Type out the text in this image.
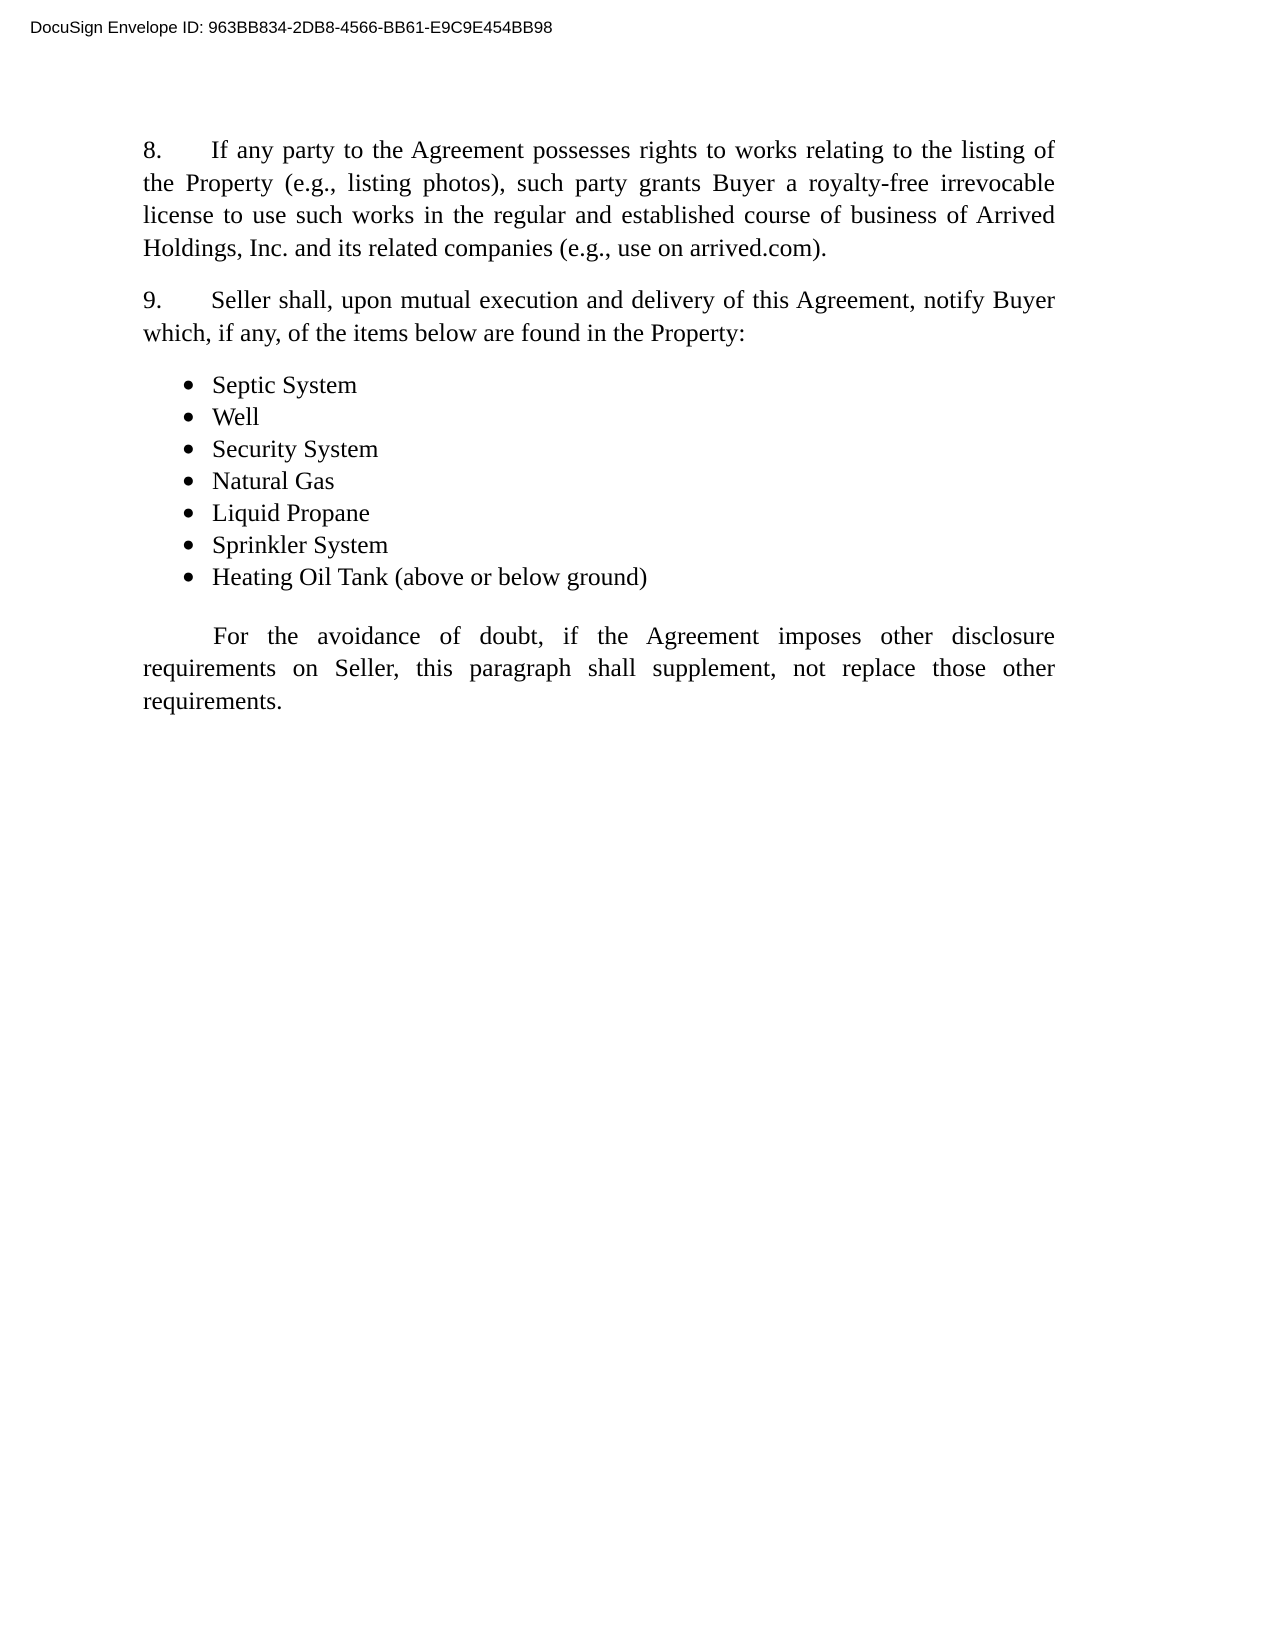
DocuSign Envelope ID: 963BB834-2DB8-4566-BB61-E9C9E454BB98

8. If any party to the Agreement possesses rights to works relating to the listing of the Property (e.g., listing photos), such party grants Buyer a royalty-free irrevocable license to use such works in the regular and established course of business of Arrived Holdings, Inc. and its related companies (e.g., use on arrived.com).

9. Seller shall, upon mutual execution and delivery of this Agreement, notify Buyer which, if any, of the items below are found in the Property:

● Septic System
● Well
● Security System
● Natural Gas
● Liquid Propane
● Sprinkler System
● Heating Oil Tank (above or below ground)

For the avoidance of doubt, if the Agreement imposes other disclosure requirements on Seller, this paragraph shall supplement, not replace those other requirements.
